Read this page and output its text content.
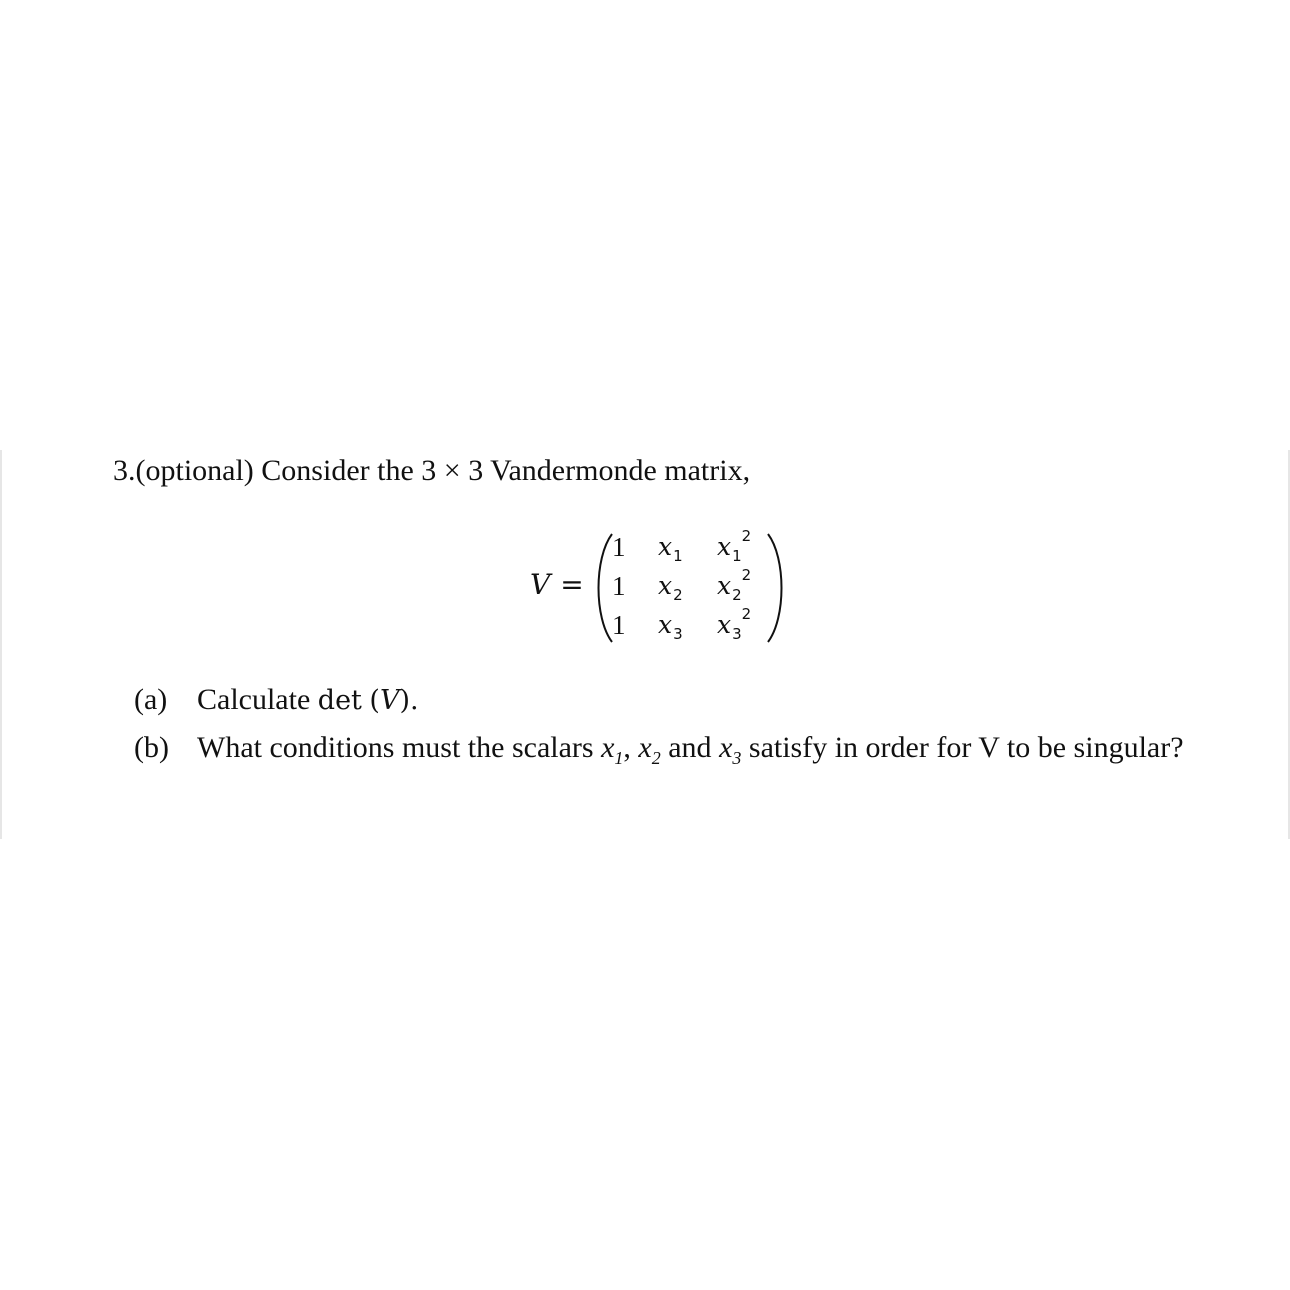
3.(optional) Consider the 3 × 3 Vandermonde matrix,
V =
1 $x_1$ $x_1^2$
1 $x_2$ $x_2^2$
1 $x_3$ $x_3^2$
(a) Calculate det (V).
(b) What conditions must the scalars $x_1$, $x_2$ and $x_3$ satisfy in order for V to be singular?
